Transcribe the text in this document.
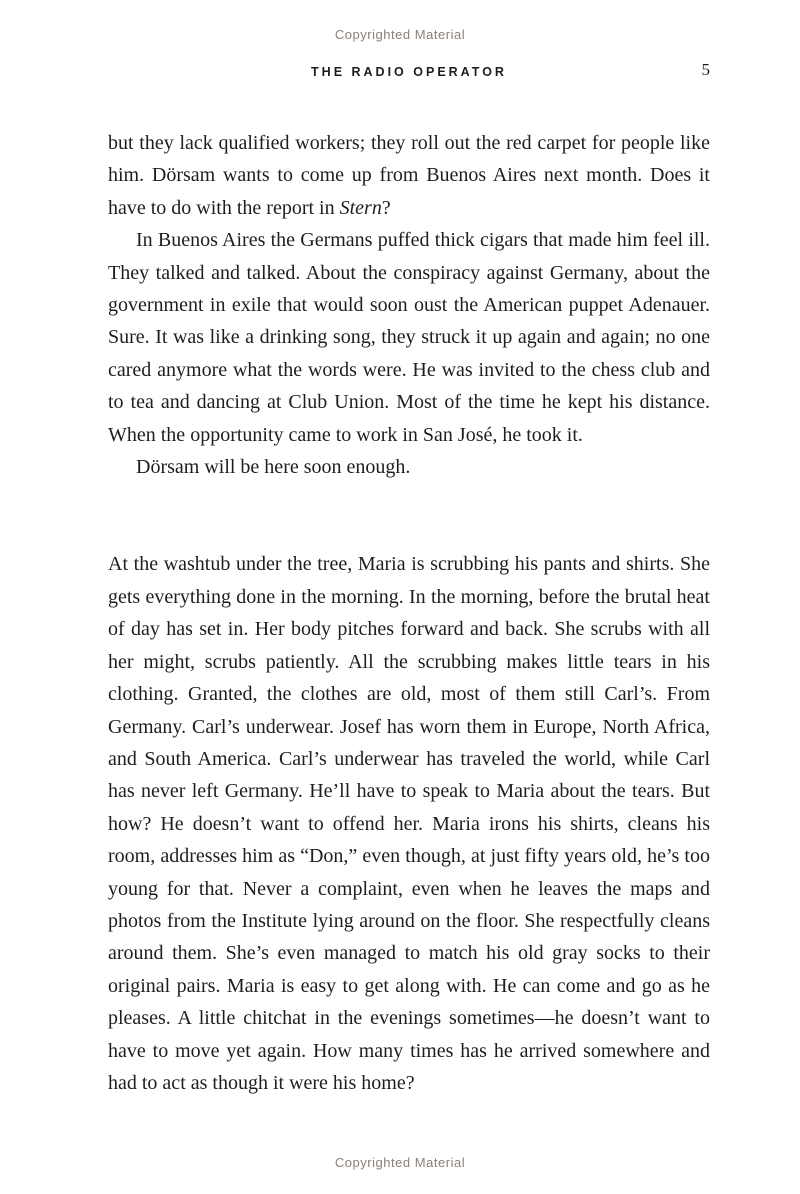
Copyrighted Material
THE RADIO OPERATOR	5

but they lack qualified workers; they roll out the red carpet for people like him. Dörsam wants to come up from Buenos Aires next month. Does it have to do with the report in Stern?

In Buenos Aires the Germans puffed thick cigars that made him feel ill. They talked and talked. About the conspiracy against Germany, about the government in exile that would soon oust the American puppet Adenauer. Sure. It was like a drinking song, they struck it up again and again; no one cared anymore what the words were. He was invited to the chess club and to tea and dancing at Club Union. Most of the time he kept his distance. When the opportunity came to work in San José, he took it.

Dörsam will be here soon enough.

At the washtub under the tree, Maria is scrubbing his pants and shirts. She gets everything done in the morning. In the morning, before the brutal heat of day has set in. Her body pitches forward and back. She scrubs with all her might, scrubs patiently. All the scrubbing makes little tears in his clothing. Granted, the clothes are old, most of them still Carl’s. From Germany. Carl’s underwear. Josef has worn them in Europe, North Africa, and South America. Carl’s underwear has traveled the world, while Carl has never left Germany. He’ll have to speak to Maria about the tears. But how? He doesn’t want to offend her. Maria irons his shirts, cleans his room, addresses him as “Don,” even though, at just fifty years old, he’s too young for that. Never a complaint, even when he leaves the maps and photos from the Institute lying around on the floor. She respectfully cleans around them. She’s even managed to match his old gray socks to their original pairs. Maria is easy to get along with. He can come and go as he pleases. A little chitchat in the evenings sometimes—he doesn’t want to have to move yet again. How many times has he arrived somewhere and had to act as though it were his home?

Copyrighted Material
